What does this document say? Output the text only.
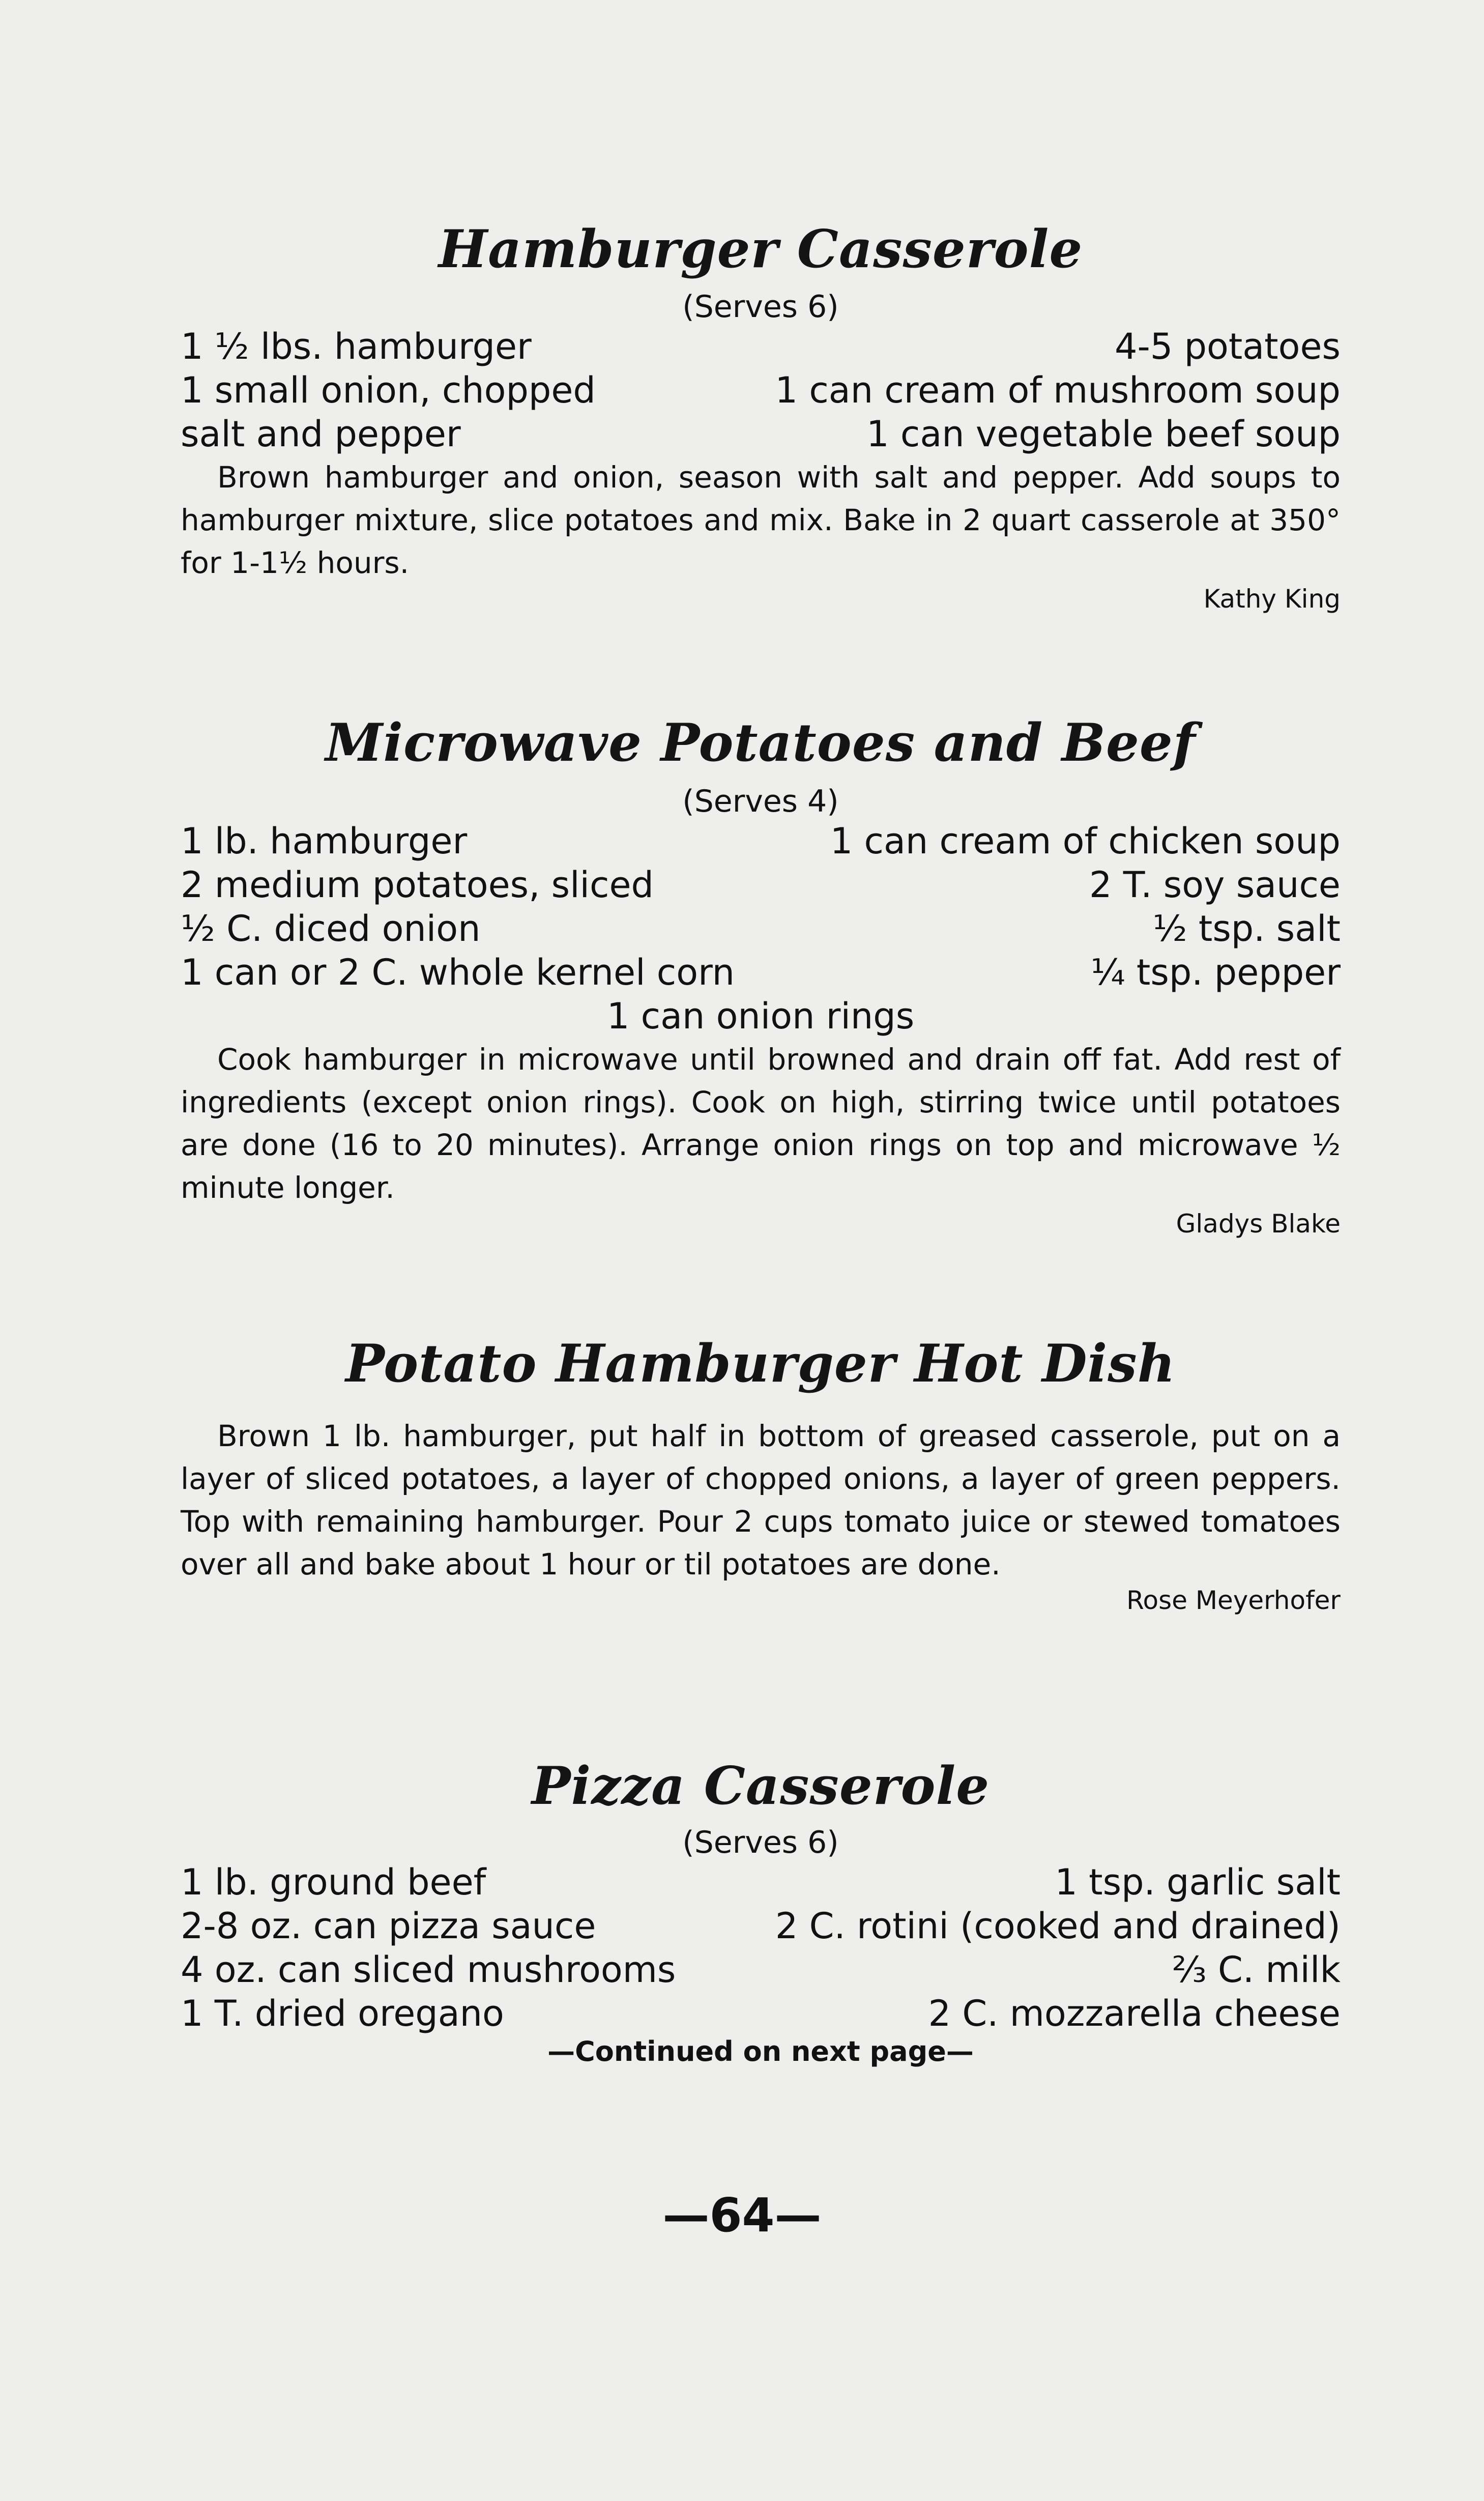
Hamburger Casserole

(Serves 6)

1 ½ lbs. hamburger	4-5 potatoes
1 small onion, chopped	1 can cream of mushroom soup
salt and pepper	1 can vegetable beef soup

Brown hamburger and onion, season with salt and pepper. Add soups to hamburger mixture, slice potatoes and mix. Bake in 2 quart casserole at 350° for 1-1½ hours.

Kathy King

Microwave Potatoes and Beef

(Serves 4)

1 lb. hamburger	1 can cream of chicken soup
2 medium potatoes, sliced	2 T. soy sauce
½ C. diced onion	½ tsp. salt
1 can or 2 C. whole kernel corn	¼ tsp. pepper
1 can onion rings

Cook hamburger in microwave until browned and drain off fat. Add rest of ingredients (except onion rings). Cook on high, stirring twice until potatoes are done (16 to 20 minutes). Arrange onion rings on top and microwave ½ minute longer.

Gladys Blake

Potato Hamburger Hot Dish

Brown 1 lb. hamburger, put half in bottom of greased casserole, put on a layer of sliced potatoes, a layer of chopped onions, a layer of green peppers. Top with remaining hamburger. Pour 2 cups tomato juice or stewed tomatoes over all and bake about 1 hour or til potatoes are done.

Rose Meyerhofer

Pizza Casserole

(Serves 6)

1 lb. ground beef	1 tsp. garlic salt
2-8 oz. can pizza sauce	2 C. rotini (cooked and drained)
4 oz. can sliced mushrooms	⅔ C. milk
1 T. dried oregano	2 C. mozzarella cheese

—Continued on next page—

—64—
